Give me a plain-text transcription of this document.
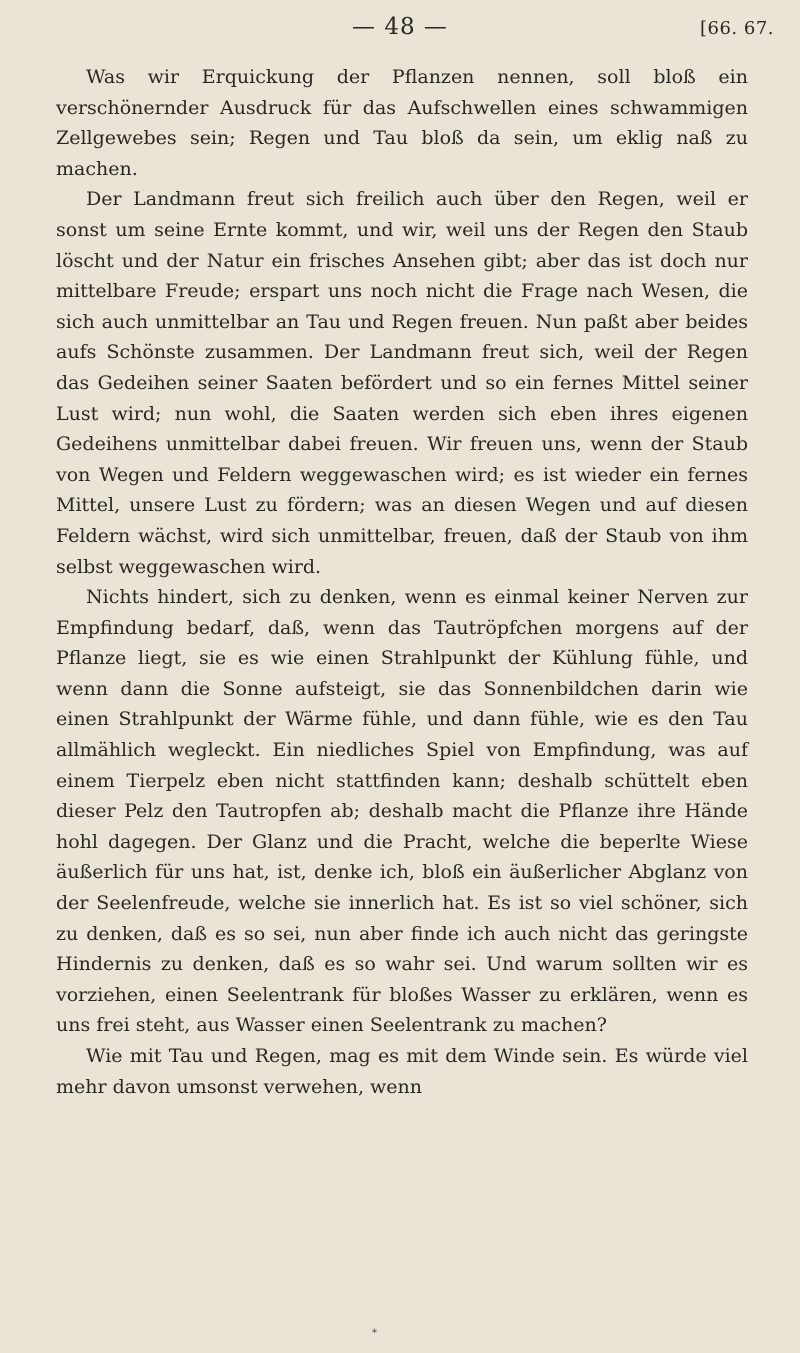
— 48 —	[66. 67.

Was wir Erquickung der Pflanzen nennen, soll bloß ein verschönernder Ausdruck für das Aufschwellen eines schwammigen Zellgewebes sein; Regen und Tau bloß da sein, um eklig naß zu machen.

Der Landmann freut sich freilich auch über den Regen, weil er sonst um seine Ernte kommt, und wir, weil uns der Regen den Staub löscht und der Natur ein frisches Ansehen gibt; aber das ist doch nur mittelbare Freude; erspart uns noch nicht die Frage nach Wesen, die sich auch unmittelbar an Tau und Regen freuen. Nun paßt aber beides aufs Schönste zusammen. Der Landmann freut sich, weil der Regen das Gedeihen seiner Saaten befördert und so ein fernes Mittel seiner Lust wird; nun wohl, die Saaten werden sich eben ihres eigenen Gedeihens unmittelbar dabei freuen. Wir freuen uns, wenn der Staub von Wegen und Feldern weggewaschen wird; es ist wieder ein fernes Mittel, unsere Lust zu fördern; was an diesen Wegen und auf diesen Feldern wächst, wird sich unmittelbar, freuen, daß der Staub von ihm selbst weggewaschen wird.

Nichts hindert, sich zu denken, wenn es einmal keiner Nerven zur Empfindung bedarf, daß, wenn das Tautröpfchen morgens auf der Pflanze liegt, sie es wie einen Strahlpunkt der Kühlung fühle, und wenn dann die Sonne aufsteigt, sie das Sonnenbildchen darin wie einen Strahlpunkt der Wärme fühle, und dann fühle, wie es den Tau allmählich wegleckt. Ein niedliches Spiel von Empfindung, was auf einem Tierpelz eben nicht stattfinden kann; deshalb schüttelt eben dieser Pelz den Tautropfen ab; deshalb macht die Pflanze ihre Hände hohl dagegen. Der Glanz und die Pracht, welche die beperlte Wiese äußerlich für uns hat, ist, denke ich, bloß ein äußerlicher Abglanz von der Seelenfreude, welche sie innerlich hat. Es ist so viel schöner, sich zu denken, daß es so sei, nun aber finde ich auch nicht das geringste Hindernis zu denken, daß es so wahr sei. Und warum sollten wir es vorziehen, einen Seelentrank für bloßes Wasser zu erklären, wenn es uns frei steht, aus Wasser einen Seelentrank zu machen?

Wie mit Tau und Regen, mag es mit dem Winde sein. Es würde viel mehr davon umsonst verwehen, wenn

*
